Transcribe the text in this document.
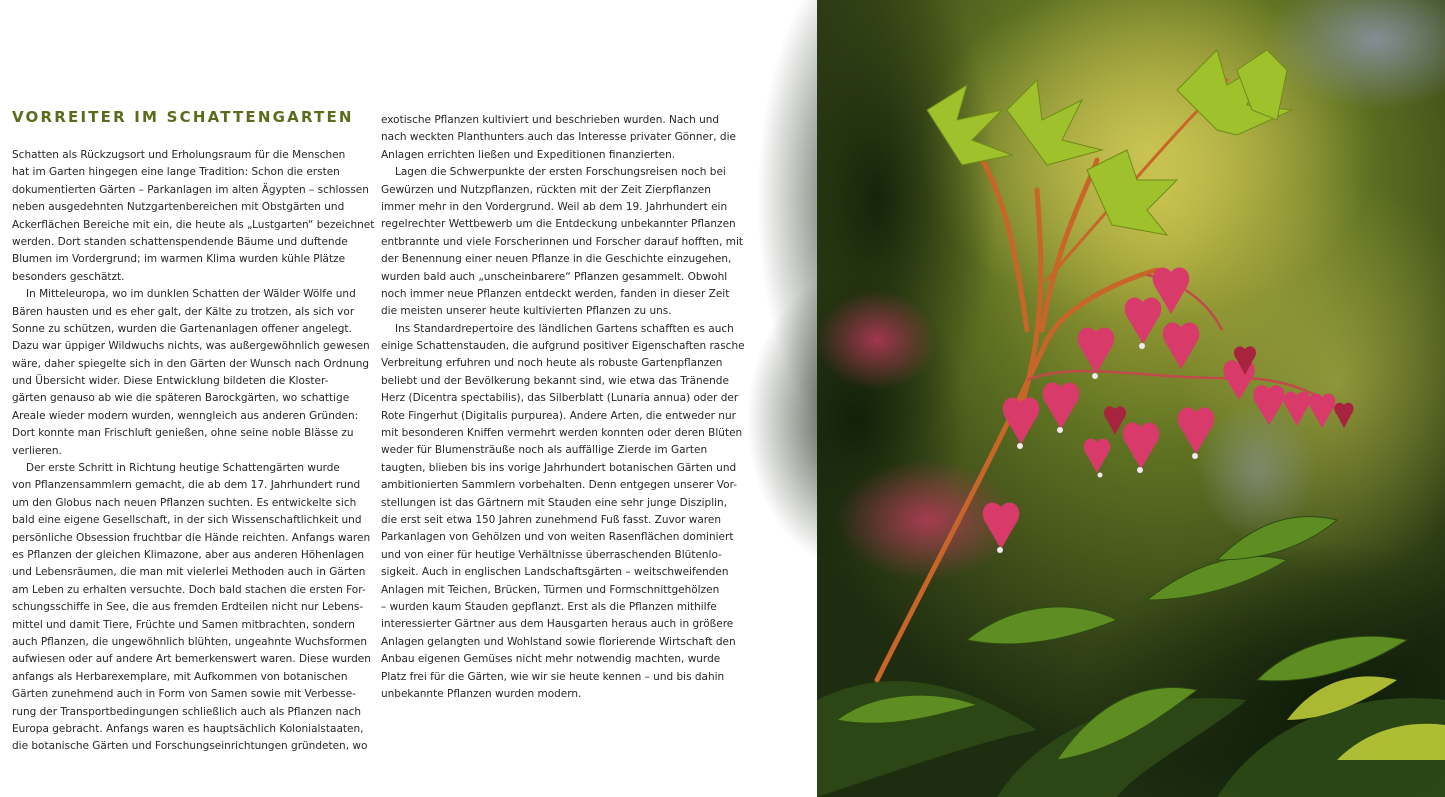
VORREITER IM SCHATTENGARTEN
Schatten als Rückzugsort und Erholungsraum für die Menschen
hat im Garten hingegen eine lange Tradition: Schon die ersten
dokumentierten Gärten – Parkanlagen im alten Ägypten – schlossen
neben ausgedehnten Nutzgartenbereichen mit Obstgärten und
Ackerflächen Bereiche mit ein, die heute als „Lustgarten“ bezeichnet
werden. Dort standen schattenspendende Bäume und duftende
Blumen im Vordergrund; im warmen Klima wurden kühle Plätze
besonders geschätzt.
In Mitteleuropa, wo im dunklen Schatten der Wälder Wölfe und
Bären hausten und es eher galt, der Kälte zu trotzen, als sich vor
Sonne zu schützen, wurden die Gartenanlagen offener angelegt.
Dazu war üppiger Wildwuchs nichts, was außergewöhnlich gewesen
wäre, daher spiegelte sich in den Gärten der Wunsch nach Ordnung
und Übersicht wider. Diese Entwicklung bildeten die Kloster-
gärten genauso ab wie die späteren Barockgärten, wo schattige
Areale wieder modern wurden, wenngleich aus anderen Gründen:
Dort konnte man Frischluft genießen, ohne seine noble Blässe zu
verlieren.
Der erste Schritt in Richtung heutige Schattengärten wurde
von Pflanzensammlern gemacht, die ab dem 17. Jahrhundert rund
um den Globus nach neuen Pflanzen suchten. Es entwickelte sich
bald eine eigene Gesellschaft, in der sich Wissenschaftlichkeit und
persönliche Obsession fruchtbar die Hände reichten. Anfangs waren
es Pflanzen der gleichen Klimazone, aber aus anderen Höhenlagen
und Lebensräumen, die man mit vielerlei Methoden auch in Gärten
am Leben zu erhalten versuchte. Doch bald stachen die ersten For-
schungsschiffe in See, die aus fremden Erdteilen nicht nur Lebens-
mittel und damit Tiere, Früchte und Samen mitbrachten, sondern
auch Pflanzen, die ungewöhnlich blühten, ungeahnte Wuchsformen
aufwiesen oder auf andere Art bemerkenswert waren. Diese wurden
anfangs als Herbarexemplare, mit Aufkommen von botanischen
Gärten zunehmend auch in Form von Samen sowie mit Verbesse-
rung der Transportbedingungen schließlich auch als Pflanzen nach
Europa gebracht. Anfangs waren es hauptsächlich Kolonialstaaten,
die botanische Gärten und Forschungseinrichtungen gründeten, wo
exotische Pflanzen kultiviert und beschrieben wurden. Nach und
nach weckten Planthunters auch das Interesse privater Gönner, die
Anlagen errichten ließen und Expeditionen finanzierten.
Lagen die Schwerpunkte der ersten Forschungsreisen noch bei
Gewürzen und Nutzpflanzen, rückten mit der Zeit Zierpflanzen
immer mehr in den Vordergrund. Weil ab dem 19. Jahrhundert ein
regelrechter Wettbewerb um die Entdeckung unbekannter Pflanzen
entbrannte und viele Forscherinnen und Forscher darauf hofften, mit
der Benennung einer neuen Pflanze in die Geschichte einzugehen,
wurden bald auch „unscheinbarere“ Pflanzen gesammelt. Obwohl
noch immer neue Pflanzen entdeckt werden, fanden in dieser Zeit
die meisten unserer heute kultivierten Pflanzen zu uns.
Ins Standardrepertoire des ländlichen Gartens schafften es auch
einige Schattenstauden, die aufgrund positiver Eigenschaften rasche
Verbreitung erfuhren und noch heute als robuste Gartenpflanzen
beliebt und der Bevölkerung bekannt sind, wie etwa das Tränende
Herz (Dicentra spectabilis), das Silberblatt (Lunaria annua) oder der
Rote Fingerhut (Digitalis purpurea). Andere Arten, die entweder nur
mit besonderen Kniffen vermehrt werden konnten oder deren Blüten
weder für Blumensträuße noch als auffällige Zierde im Garten
taugten, blieben bis ins vorige Jahrhundert botanischen Gärten und
ambitionierten Sammlern vorbehalten. Denn entgegen unserer Vor-
stellungen ist das Gärtnern mit Stauden eine sehr junge Disziplin,
die erst seit etwa 150 Jahren zunehmend Fuß fasst. Zuvor waren
Parkanlagen von Gehölzen und von weiten Rasenflächen dominiert
und von einer für heutige Verhältnisse überraschenden Blütenlo-
sigkeit. Auch in englischen Landschaftsgärten – weitschweifenden
Anlagen mit Teichen, Brücken, Türmen und Formschnittgehölzen
– wurden kaum Stauden gepflanzt. Erst als die Pflanzen mithilfe
interessierter Gärtner aus dem Hausgarten heraus auch in größere
Anlagen gelangten und Wohlstand sowie florierende Wirtschaft den
Anbau eigenen Gemüses nicht mehr notwendig machten, wurde
Platz frei für die Gärten, wie wir sie heute kennen – und bis dahin
unbekannte Pflanzen wurden modern.
